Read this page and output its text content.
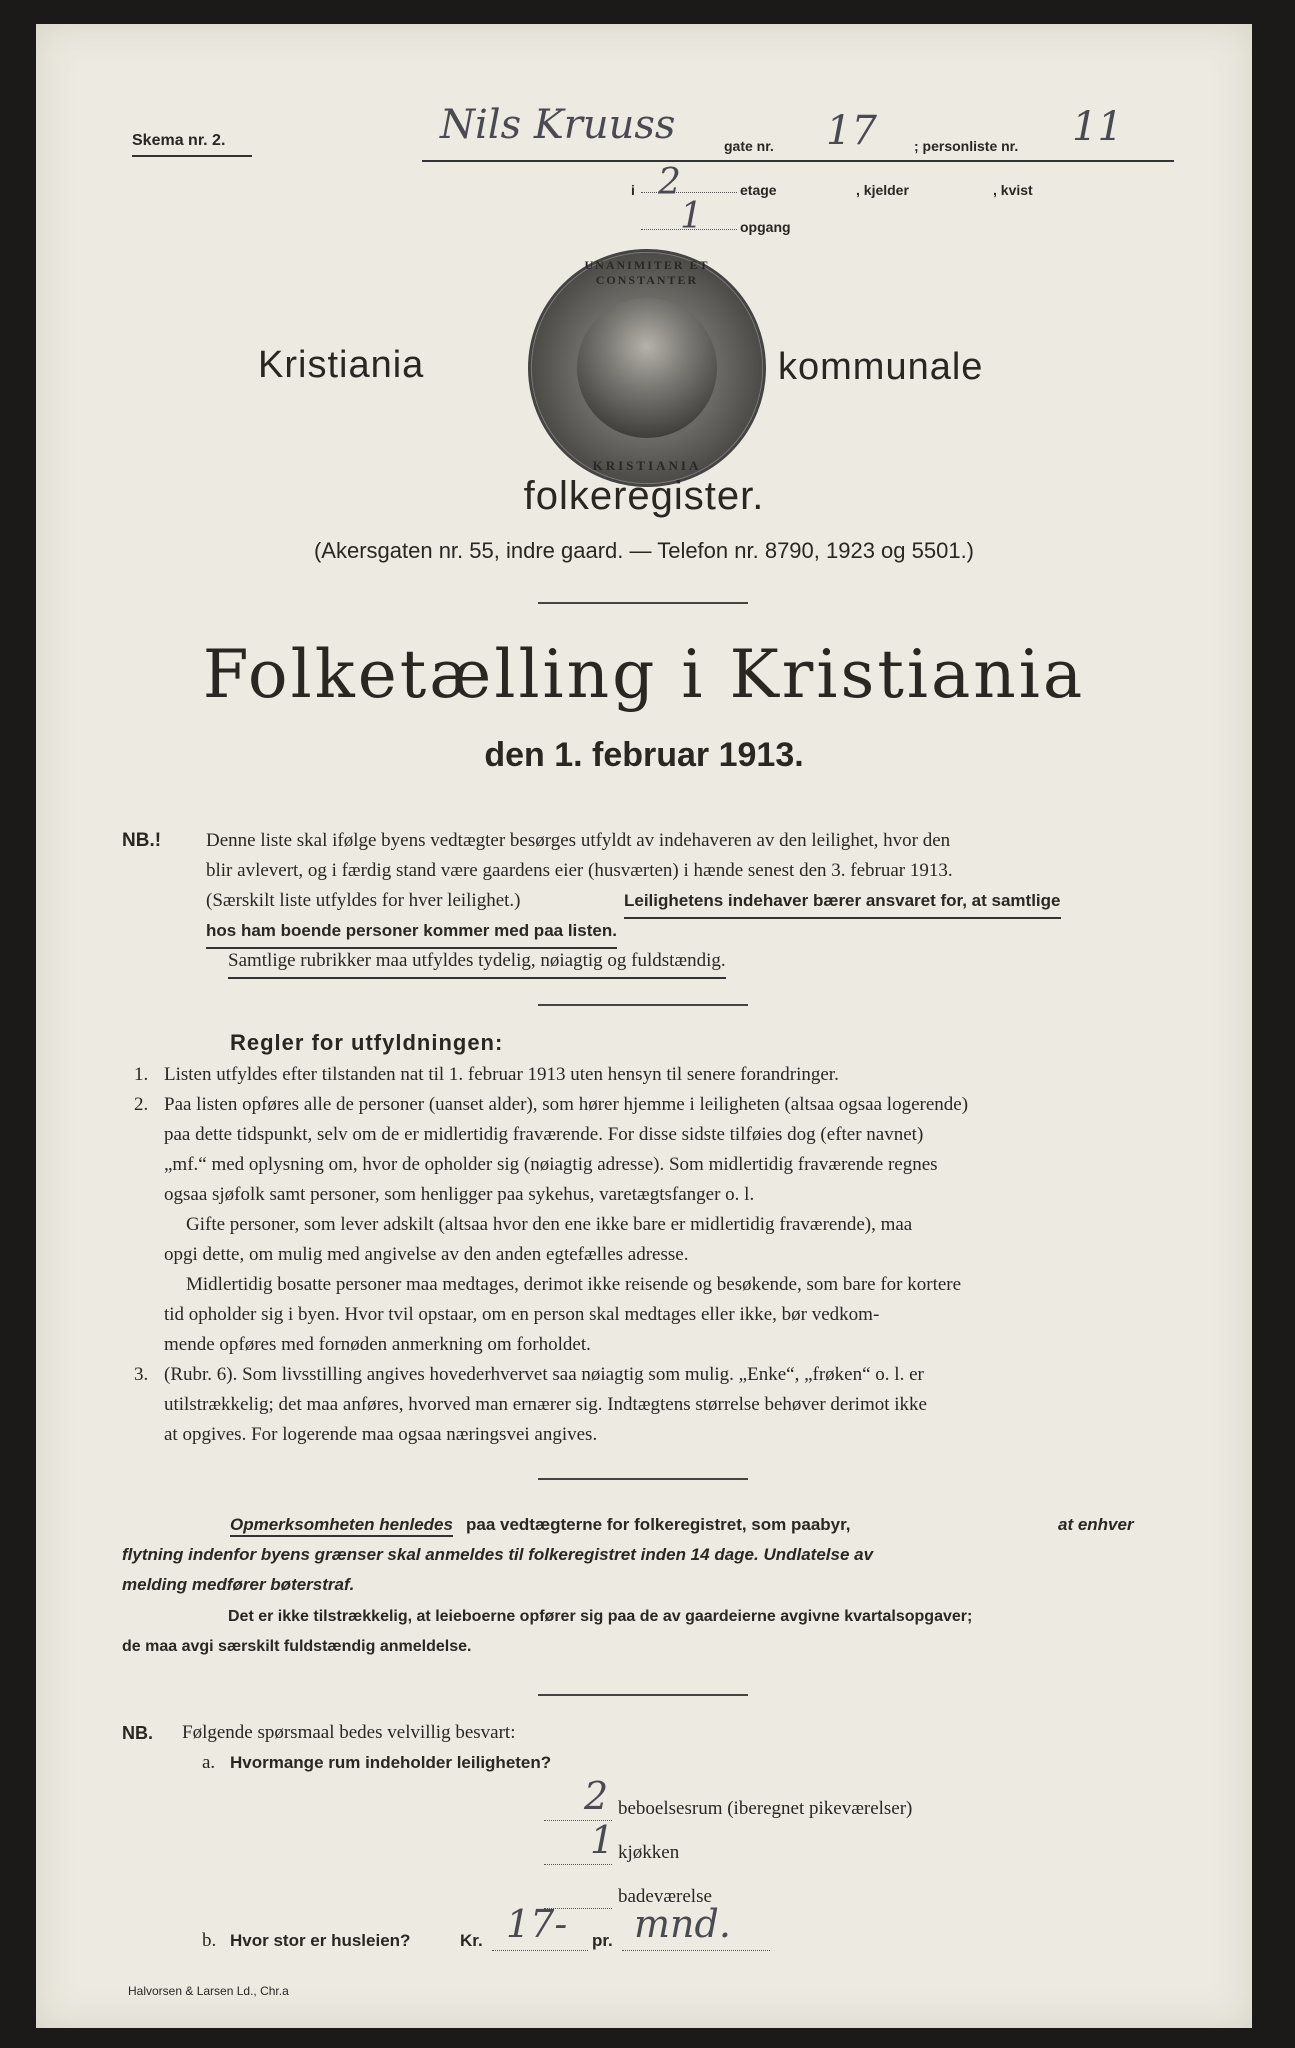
Skema nr. 2.	Nils Kruuss	gate nr. 17	; personliste nr. 11
i 2	etage	, kjelder	, kvist
1	opgang
Kristiania
UNANIMITER ET CONSTANTER
KRISTIANIA
kommunale
folkeregister.
(Akersgaten nr. 55, indre gaard. — Telefon nr. 8790, 1923 og 5501.)
Folketælling i Kristiania
den 1. februar 1913.
NB.! Denne liste skal ifølge byens vedtægter besørges utfyldt av indehaveren av den leilighet, hvor den
blir avlevert, og i færdig stand være gaardens eier (husværten) i hænde senest den 3. februar 1913.
(Særskilt liste utfyldes for hver leilighet.)	Leilighetens indehaver bærer ansvaret for, at samtlige
hos ham boende personer kommer med paa listen.
Samtlige rubrikker maa utfyldes tydelig, nøiagtig og fuldstændig.
Regler for utfyldningen:
1. Listen utfyldes efter tilstanden nat til 1. februar 1913 uten hensyn til senere forandringer.
2. Paa listen opføres alle de personer (uanset alder), som hører hjemme i leiligheten (altsaa ogsaa logerende)
paa dette tidspunkt, selv om de er midlertidig fraværende. For disse sidste tilføies dog (efter navnet)
„mf.“ med oplysning om, hvor de opholder sig (nøiagtig adresse). Som midlertidig fraværende regnes
ogsaa sjøfolk samt personer, som henligger paa sykehus, varetægtsfanger o. l.
Gifte personer, som lever adskilt (altsaa hvor den ene ikke bare er midlertidig fraværende), maa
opgi dette, om mulig med angivelse av den anden egtefælles adresse.
Midlertidig bosatte personer maa medtages, derimot ikke reisende og besøkende, som bare for kortere
tid opholder sig i byen. Hvor tvil opstaar, om en person skal medtages eller ikke, bør vedkom-
mende opføres med fornøden anmerkning om forholdet.
3. (Rubr. 6). Som livsstilling angives hovederhvervet saa nøiagtig som mulig. „Enke“, „frøken“ o. l. er
utilstrækkelig; det maa anføres, hvorved man ernærer sig. Indtægtens størrelse behøver derimot ikke
at opgives. For logerende maa ogsaa næringsvei angives.
Opmerksomheten henledes paa vedtægterne for folkeregistret, som paabyr,	at enhver
flytning indenfor byens grænser skal anmeldes til folkeregistret inden 14 dage. Undlatelse av
melding medfører bøterstraf.
Det er ikke tilstrækkelig, at leieboerne opfører sig paa de av gaardeierne avgivne kvartalsopgaver;
de maa avgi særskilt fuldstændig anmeldelse.
NB. Følgende spørsmaal bedes velvillig besvart:
a. Hvormange rum indeholder leiligheten?
2 beboelsesrum (iberegnet pikeværelser)
1 kjøkken
badeværelse
b. Hvor stor er husleien?	Kr. 17- pr. mnd.
Halvorsen & Larsen Ld., Chr.a
